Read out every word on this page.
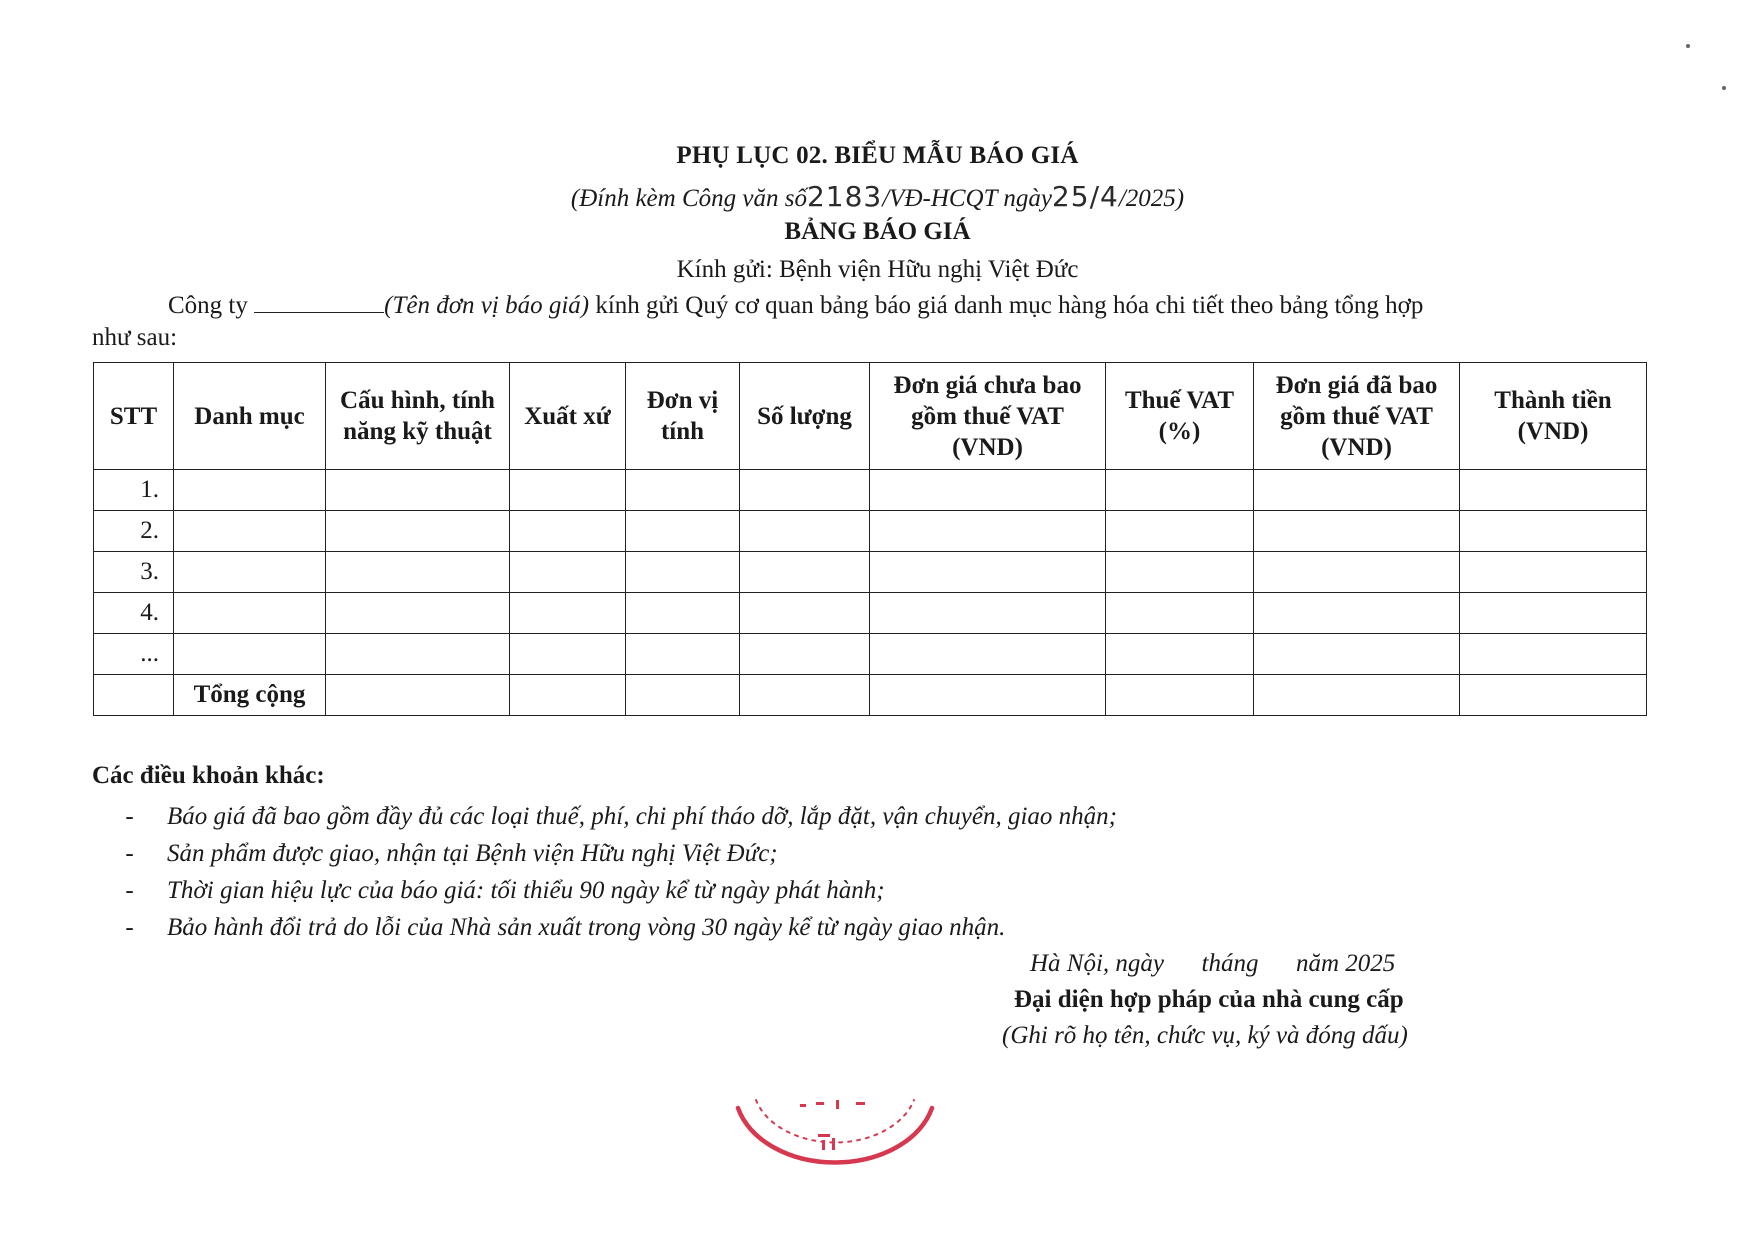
PHỤ LỤC 02. BIỂU MẪU BÁO GIÁ
(Đính kèm Công văn số2183/VĐ-HCQT ngày25/4/2025)
BẢNG BÁO GIÁ
Kính gửi: Bệnh viện Hữu nghị Việt Đức
Công ty	(Tên đơn vị báo giá) kính gửi Quý cơ quan bảng báo giá danh mục hàng hóa chi tiết theo bảng tổng hợp
như sau:
STT	Danh mục	Cấu hình, tính năng kỹ thuật	Xuất xứ	Đơn vị tính	Số lượng	Đơn giá chưa bao gồm thuế VAT (VND)	Thuế VAT (%)	Đơn giá đã bao gồm thuế VAT (VND)	Thành tiền (VND)
1.									
2.									
3.									
4.									
...									
	Tổng cộng								
Các điều khoản khác:
- Báo giá đã bao gồm đầy đủ các loại thuế, phí, chi phí tháo dỡ, lắp đặt, vận chuyển, giao nhận;
- Sản phẩm được giao, nhận tại Bệnh viện Hữu nghị Việt Đức;
- Thời gian hiệu lực của báo giá: tối thiểu 90 ngày kể từ ngày phát hành;
- Bảo hành đổi trả do lỗi của Nhà sản xuất trong vòng 30 ngày kể từ ngày giao nhận.
Hà Nội, ngày      tháng      năm 2025
Đại diện hợp pháp của nhà cung cấp
(Ghi rõ họ tên, chức vụ, ký và đóng dấu)
